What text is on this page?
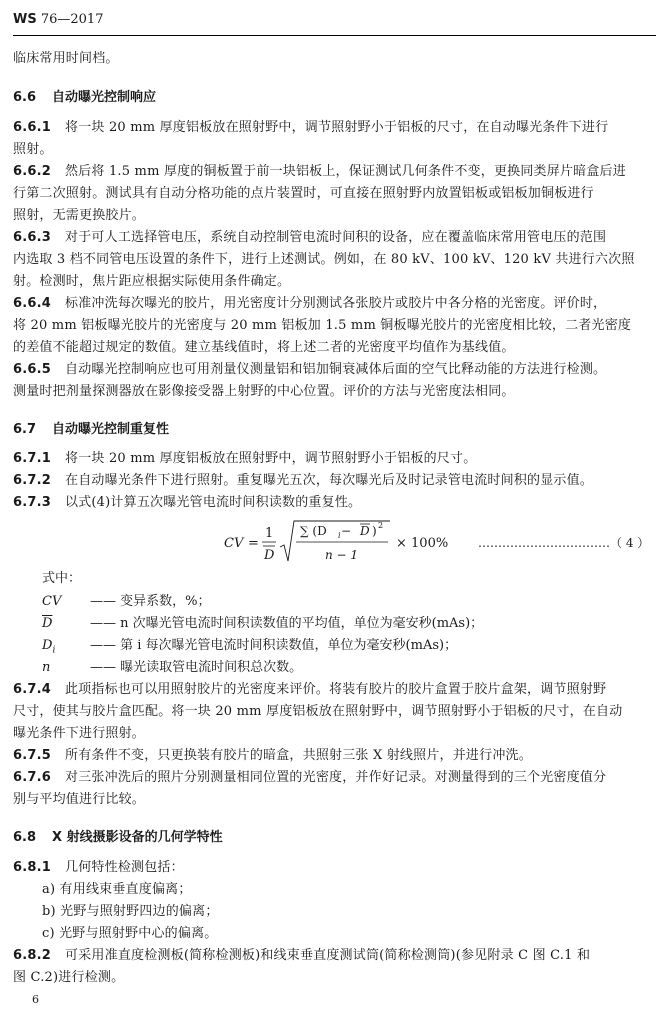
WS 76—2017
临床常用时间档。
6.6 自动曝光控制响应
6.6.1 将一块 20 mm 厚度铝板放在照射野中，调节照射野小于铝板的尺寸，在自动曝光条件下进行
照射。
6.6.2 然后将 1.5 mm 厚度的铜板置于前一块铝板上，保证测试几何条件不变，更换同类屏片暗盒后进
行第二次照射。测试具有自动分格功能的点片装置时，可直接在照射野内放置铝板或铝板加铜板进行
照射，无需更换胶片。
6.6.3 对于可人工选择管电压，系统自动控制管电流时间积的设备，应在覆盖临床常用管电压的范围
内选取 3 档不同管电压设置的条件下，进行上述测试。例如，在 80 kV、100 kV、120 kV 共进行六次照
射。检测时，焦片距应根据实际使用条件确定。
6.6.4 标准冲洗每次曝光的胶片，用光密度计分别测试各张胶片或胶片中各分格的光密度。评价时，
将 20 mm 铝板曝光胶片的光密度与 20 mm 铝板加 1.5 mm 铜板曝光胶片的光密度相比较，二者光密度
的差值不能超过规定的数值。建立基线值时，将上述二者的光密度平均值作为基线值。
6.6.5 自动曝光控制响应也可用剂量仪测量铝和铝加铜衰减体后面的空气比释动能的方法进行检测。
测量时把剂量探测器放在影像接受器上射野的中心位置。评价的方法与光密度法相同。
6.7 自动曝光控制重复性
6.7.1 将一块 20 mm 厚度铝板放在照射野中，调节照射野小于铝板的尺寸。
6.7.2 在自动曝光条件下进行照射。重复曝光五次，每次曝光后及时记录管电流时间积的显示值。
6.7.3 以式(4)计算五次曝光管电流时间积读数的重复性。
CV =
1
D
∑ (D i − D ) 2
n − 1
× 100% ……………………………（ 4 ）
式中：
CV —— 变异系数，%；
$\overline{D}$	—— n 次曝光管电流时间积读数值的平均值，单位为毫安秒(mAs)；
$D_i$	—— 第 i 每次曝光管电流时间积读数值，单位为毫安秒(mAs)；
n	—— 曝光读取管电流时间积总次数。
6.7.4 此项指标也可以用照射胶片的光密度来评价。将装有胶片的胶片盒置于胶片盒架，调节照射野
尺寸，使其与胶片盒匹配。将一块 20 mm 厚度铝板放在照射野中，调节照射野小于铝板的尺寸，在自动
曝光条件下进行照射。
6.7.5 所有条件不变，只更换装有胶片的暗盒，共照射三张 X 射线照片，并进行冲洗。
6.7.6 对三张冲洗后的照片分别测量相同位置的光密度，并作好记录。对测量得到的三个光密度值分
别与平均值进行比较。
6.8 X 射线摄影设备的几何学特性
6.8.1 几何特性检测包括：
a) 有用线束垂直度偏离；
b) 光野与照射野四边的偏离；
c) 光野与照射野中心的偏离。
6.8.2 可采用准直度检测板(简称检测板)和线束垂直度测试筒(简称检测筒)(参见附录 C 图 C.1 和
图 C.2)进行检测。
6
